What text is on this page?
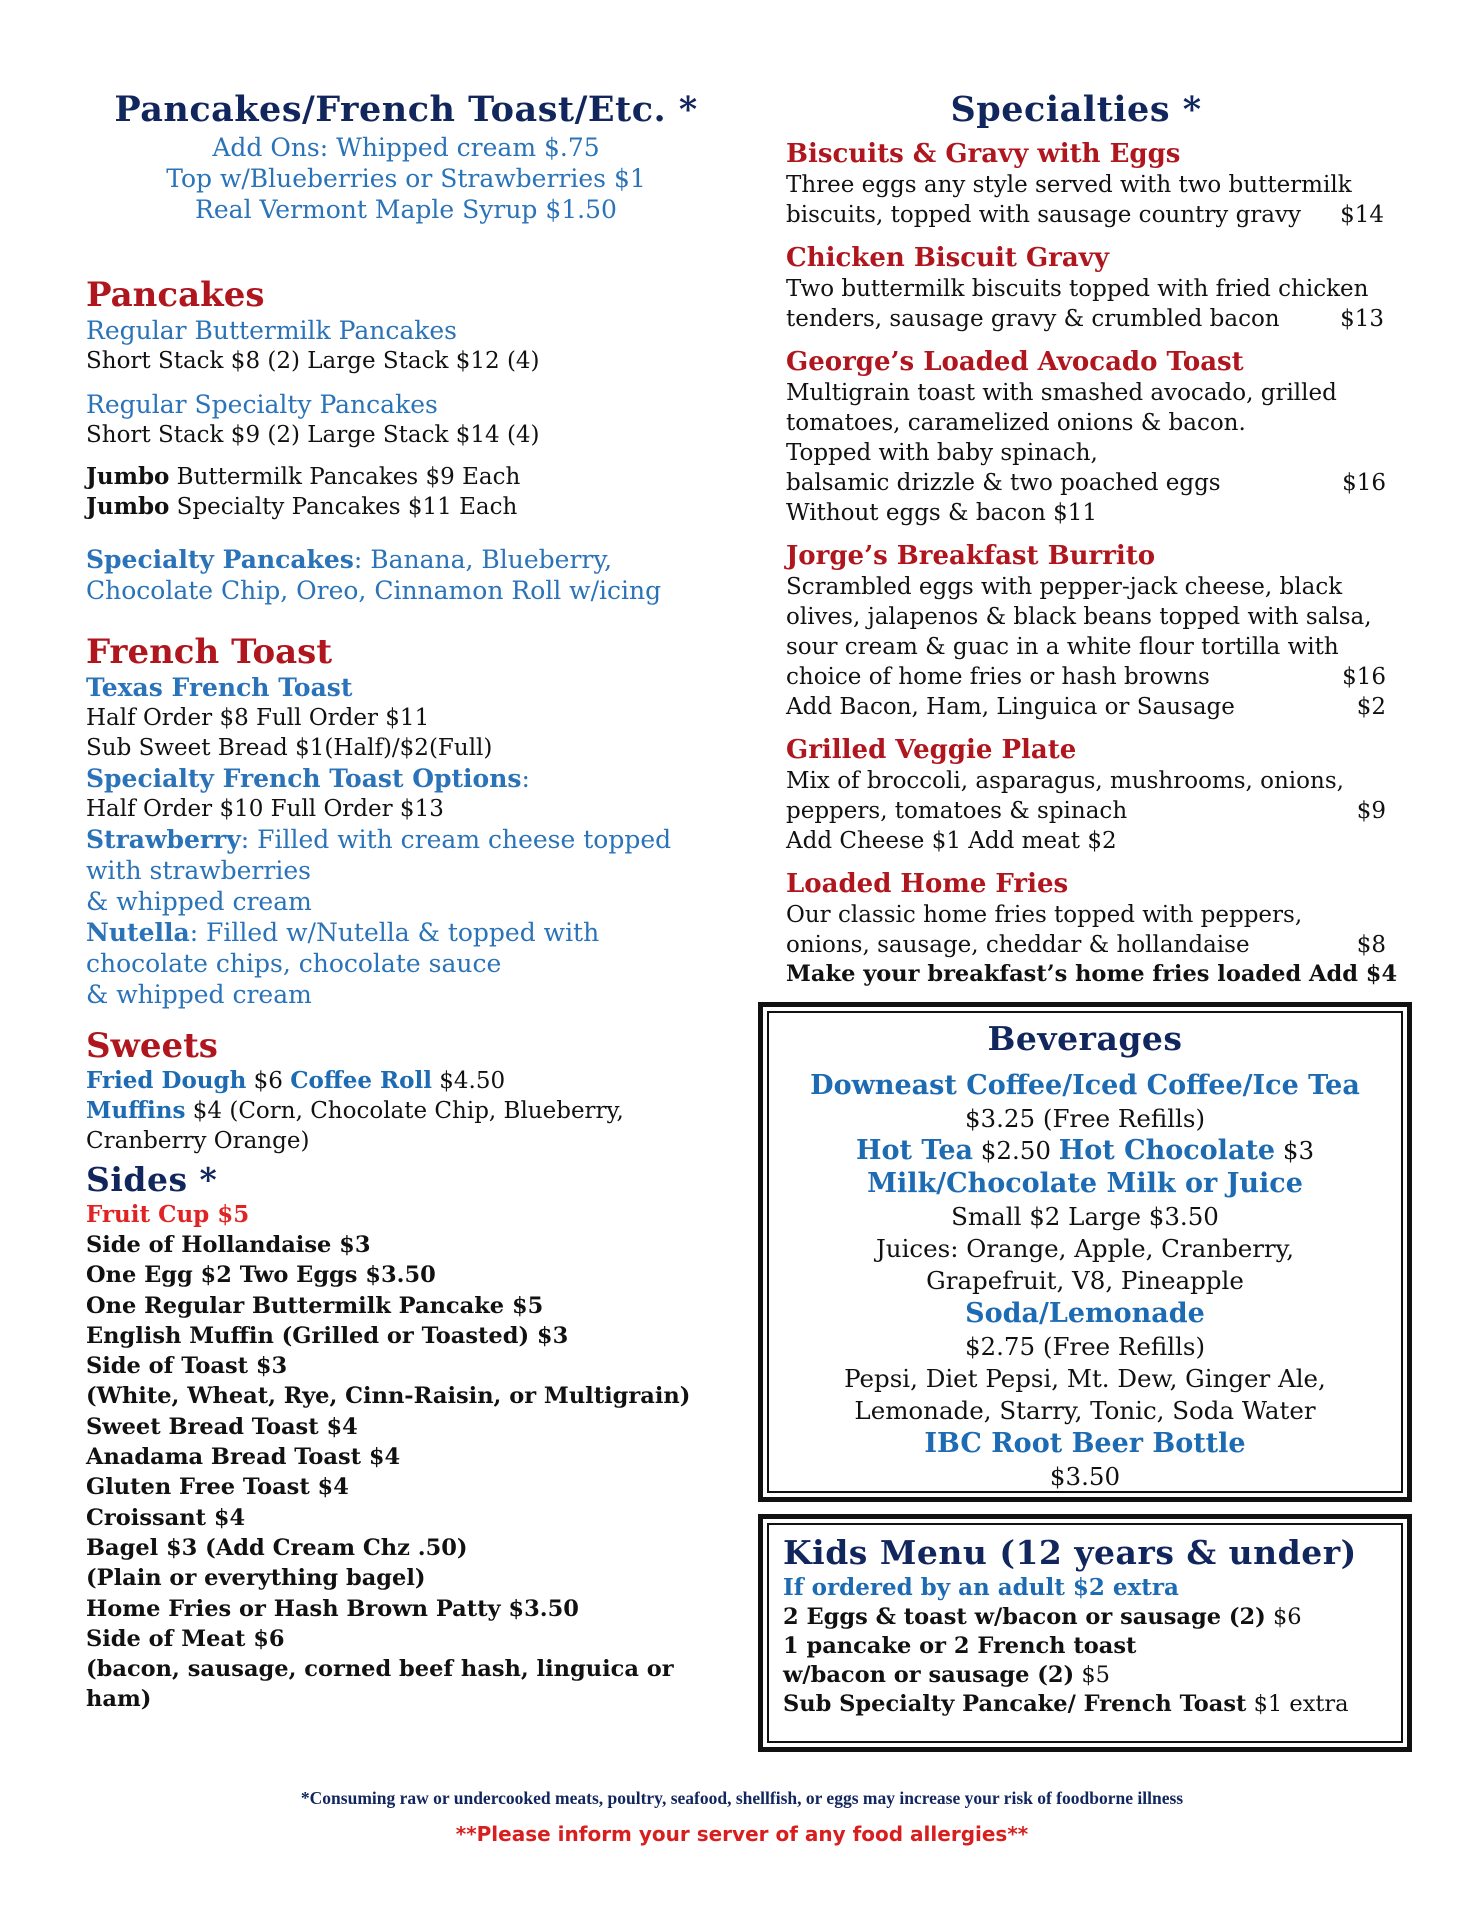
Pancakes/French Toast/Etc. *
Add Ons: Whipped cream $.75
Top w/Blueberries or Strawberries $1
Real Vermont Maple Syrup $1.50
Pancakes
Regular Buttermilk Pancakes
Short Stack $8 (2) Large Stack $12 (4)
Regular Specialty Pancakes
Short Stack $9 (2) Large Stack $14 (4)
Jumbo Buttermilk Pancakes $9 Each
Jumbo Specialty Pancakes $11 Each
Specialty Pancakes: Banana, Blueberry,
Chocolate Chip, Oreo, Cinnamon Roll w/icing
French Toast
Texas French Toast
Half Order $8 Full Order $11
Sub Sweet Bread $1(Half)/$2(Full)
Specialty French Toast Options:
Half Order $10 Full Order $13
Strawberry: Filled with cream cheese topped
with strawberries
& whipped cream
Nutella: Filled w/Nutella & topped with
chocolate chips, chocolate sauce
& whipped cream
Sweets
Fried Dough $6 Coffee Roll $4.50
Muffins $4 (Corn, Chocolate Chip, Blueberry,
Cranberry Orange)
Sides *
Fruit Cup $5
Side of Hollandaise $3
One Egg $2 Two Eggs $3.50
One Regular Buttermilk Pancake $5
English Muffin (Grilled or Toasted) $3
Side of Toast $3
(White, Wheat, Rye, Cinn-Raisin, or Multigrain)
Sweet Bread Toast $4
Anadama Bread Toast $4
Gluten Free Toast $4
Croissant $4
Bagel $3 (Add Cream Chz .50)
(Plain or everything bagel)
Home Fries or Hash Brown Patty $3.50
Side of Meat $6
(bacon, sausage, corned beef hash, linguica or ham)
Specialties *
Biscuits & Gravy with Eggs
Three eggs any style served with two buttermilk
biscuits, topped with sausage country gravy $14
Chicken Biscuit Gravy
Two buttermilk biscuits topped with fried chicken
tenders, sausage gravy & crumbled bacon	$13
George’s Loaded Avocado Toast
Multigrain toast with smashed avocado, grilled
tomatoes, caramelized onions & bacon.
Topped with baby spinach,
balsamic drizzle & two poached eggs	$16
Without eggs & bacon $11
Jorge’s Breakfast Burrito
Scrambled eggs with pepper-jack cheese, black
olives, jalapenos & black beans topped with salsa,
sour cream & guac in a white flour tortilla with
choice of home fries or hash browns	$16
Add Bacon, Ham, Linguica or Sausage	$2
Grilled Veggie Plate
Mix of broccoli, asparagus, mushrooms, onions,
peppers, tomatoes & spinach	$9
Add Cheese $1 Add meat $2
Loaded Home Fries
Our classic home fries topped with peppers,
onions, sausage, cheddar & hollandaise	$8
Make your breakfast’s home fries loaded Add $4
Beverages
Downeast Coffee/Iced Coffee/Ice Tea
$3.25 (Free Refills)
Hot Tea $2.50 Hot Chocolate $3
Milk/Chocolate Milk or Juice
Small $2 Large $3.50
Juices: Orange, Apple, Cranberry,
Grapefruit, V8, Pineapple
Soda/Lemonade
$2.75 (Free Refills)
Pepsi, Diet Pepsi, Mt. Dew, Ginger Ale,
Lemonade, Starry, Tonic, Soda Water
IBC Root Beer Bottle
$3.50
Kids Menu (12 years & under)
If ordered by an adult $2 extra
2 Eggs & toast w/bacon or sausage (2) $6
1 pancake or 2 French toast
w/bacon or sausage (2) $5
Sub Specialty Pancake/ French Toast $1 extra
*Consuming raw or undercooked meats, poultry, seafood, shellfish, or eggs may increase your risk of foodborne illness
**Please inform your server of any food allergies**
